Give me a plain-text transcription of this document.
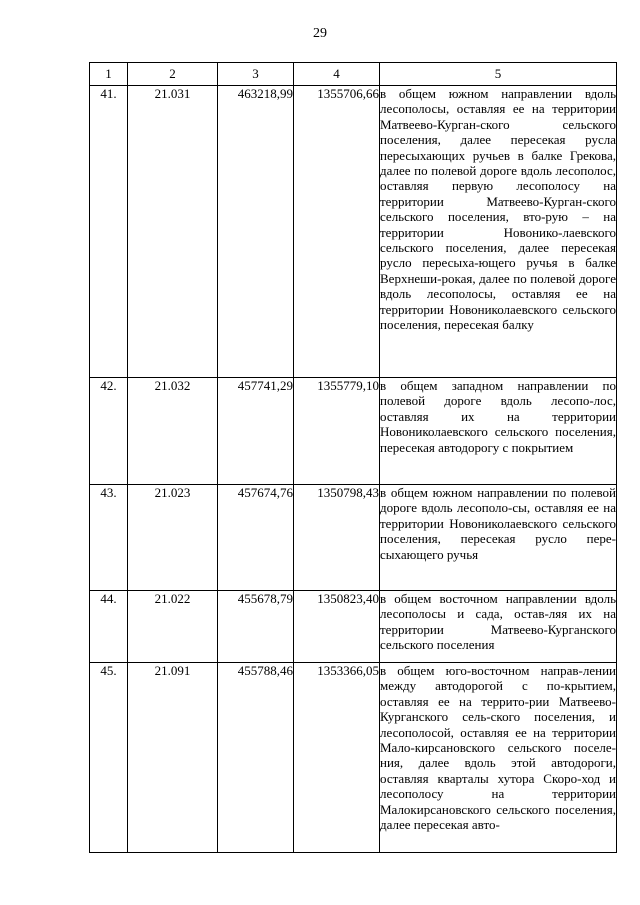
29
1	2	3	4	5
41.	21.031	463218,99	1355706,66	в общем южном направлении вдоль лесополосы, оставляя ее на территории Матвеево-Курган-ского сельского поселения, далее пересекая русла пересыхающих ручьев в балке Грекова, далее по полевой дороге вдоль лесополос, оставляя первую лесополосу на территории Матвеево-Курган-ского сельского поселения, вто-рую – на территории Новонико-лаевского сельского поселения, далее пересекая русло пересыха-ющего ручья в балке Верхнеши-рокая, далее по полевой дороге вдоль лесополосы, оставляя ее на территории Новониколаевского сельского поселения, пересекая балку
42.	21.032	457741,29	1355779,10	в общем западном направлении по полевой дороге вдоль лесопо-лос, оставляя их на территории Новониколаевского сельского поселения, пересекая автодорогу с покрытием
43.	21.023	457674,76	1350798,43	в общем южном направлении по полевой дороге вдоль лесополо-сы, оставляя ее на территории Новониколаевского сельского поселения, пересекая русло пере-сыхающего ручья
44.	21.022	455678,79	1350823,40	в общем восточном направлении вдоль лесополосы и сада, остав-ляя их на территории Матвеево-Курганского сельского поселения
45.	21.091	455788,46	1353366,05	в общем юго-восточном направ-лении между автодорогой с по-крытием, оставляя ее на террито-рии Матвеево-Курганского сель-ского поселения, и лесополосой, оставляя ее на территории Мало-кирсановского сельского поселе-ния, далее вдоль этой автодороги, оставляя кварталы хутора Скоро-ход и лесополосу на территории Малокирсановского сельского поселения, далее пересекая авто-
